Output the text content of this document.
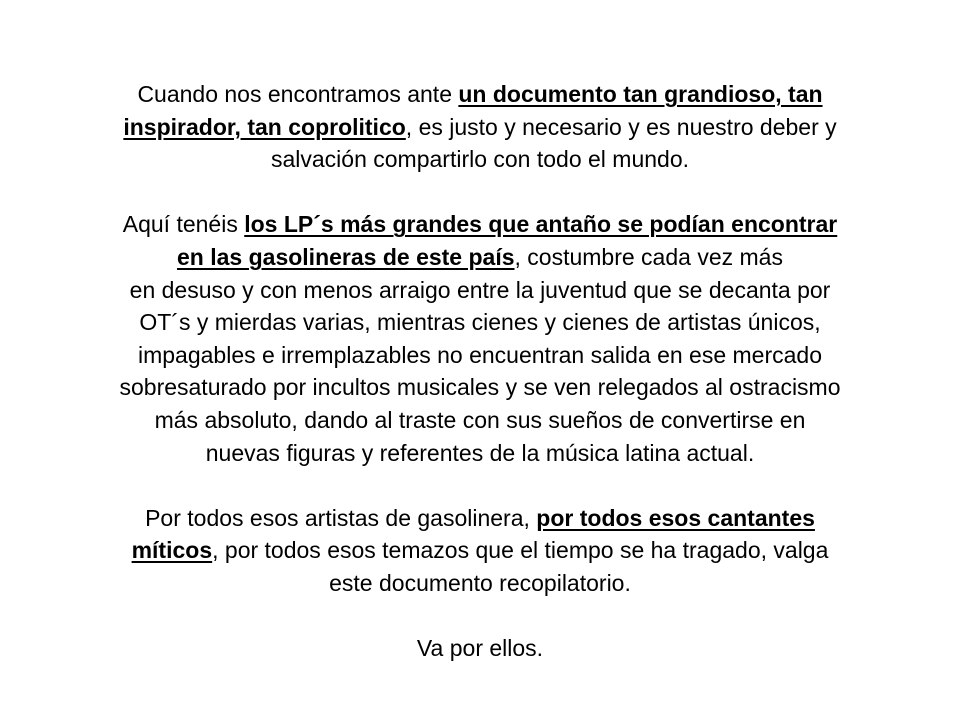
Cuando nos encontramos ante un documento tan grandioso, tan
inspirador, tan coprolitico, es justo y necesario y es nuestro deber y
salvación compartirlo con todo el mundo.

Aquí tenéis los LP´s más grandes que antaño se podían encontrar
en las gasolineras de este país, costumbre cada vez más
en desuso y con menos arraigo entre la juventud que se decanta por
OT´s y mierdas varias, mientras cienes y cienes de artistas únicos,
impagables e irremplazables no encuentran salida en ese mercado
sobresaturado por incultos musicales y se ven relegados al ostracismo
más absoluto, dando al traste con sus sueños de convertirse en
nuevas figuras y referentes de la música latina actual.

Por todos esos artistas de gasolinera, por todos esos cantantes
míticos, por todos esos temazos que el tiempo se ha tragado, valga
este documento recopilatorio.

Va por ellos.
